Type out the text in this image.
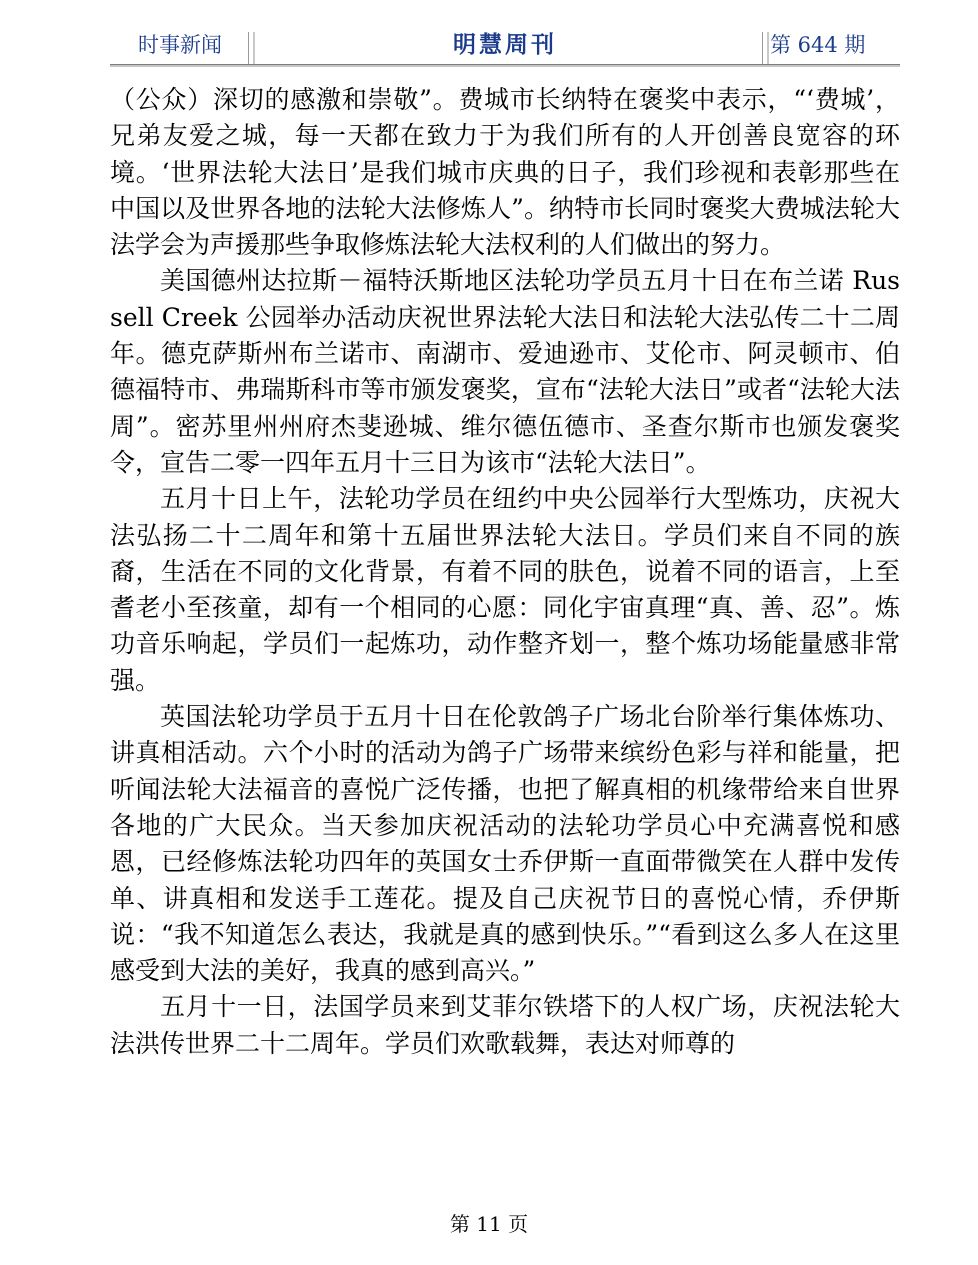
时事新闻	明慧周刊	第 644 期

（公众）深切的感激和崇敬”。费城市长纳特在褒奖中表示，“‘费城’，兄弟友爱之城，每一天都在致力于为我们所有的人开创善良宽容的环境。‘世界法轮大法日’是我们城市庆典的日子，我们珍视和表彰那些在中国以及世界各地的法轮大法修炼人”。纳特市长同时褒奖大费城法轮大法学会为声援那些争取修炼法轮大法权利的人们做出的努力。

美国德州达拉斯－福特沃斯地区法轮功学员五月十日在布兰诺 Russell Creek 公园举办活动庆祝世界法轮大法日和法轮大法弘传二十二周年。德克萨斯州布兰诺市、南湖市、爱迪逊市、艾伦市、阿灵顿市、伯德福特市、弗瑞斯科市等市颁发褒奖，宣布“法轮大法日”或者“法轮大法周”。密苏里州州府杰斐逊城、维尔德伍德市、圣查尔斯市也颁发褒奖令，宣告二零一四年五月十三日为该市“法轮大法日”。

五月十日上午，法轮功学员在纽约中央公园举行大型炼功，庆祝大法弘扬二十二周年和第十五届世界法轮大法日。学员们来自不同的族裔，生活在不同的文化背景，有着不同的肤色，说着不同的语言，上至耆老小至孩童，却有一个相同的心愿：同化宇宙真理“真、善、忍”。炼功音乐响起，学员们一起炼功，动作整齐划一，整个炼功场能量感非常强。

英国法轮功学员于五月十日在伦敦鸽子广场北台阶举行集体炼功、讲真相活动。六个小时的活动为鸽子广场带来缤纷色彩与祥和能量，把听闻法轮大法福音的喜悦广泛传播，也把了解真相的机缘带给来自世界各地的广大民众。当天参加庆祝活动的法轮功学员心中充满喜悦和感恩，已经修炼法轮功四年的英国女士乔伊斯一直面带微笑在人群中发传单、讲真相和发送手工莲花。提及自己庆祝节日的喜悦心情，乔伊斯说：“我不知道怎么表达，我就是真的感到快乐。”“看到这么多人在这里感受到大法的美好，我真的感到高兴。”

五月十一日，法国学员来到艾菲尔铁塔下的人权广场，庆祝法轮大法洪传世界二十二周年。学员们欢歌载舞，表达对师尊的

第 11 页
